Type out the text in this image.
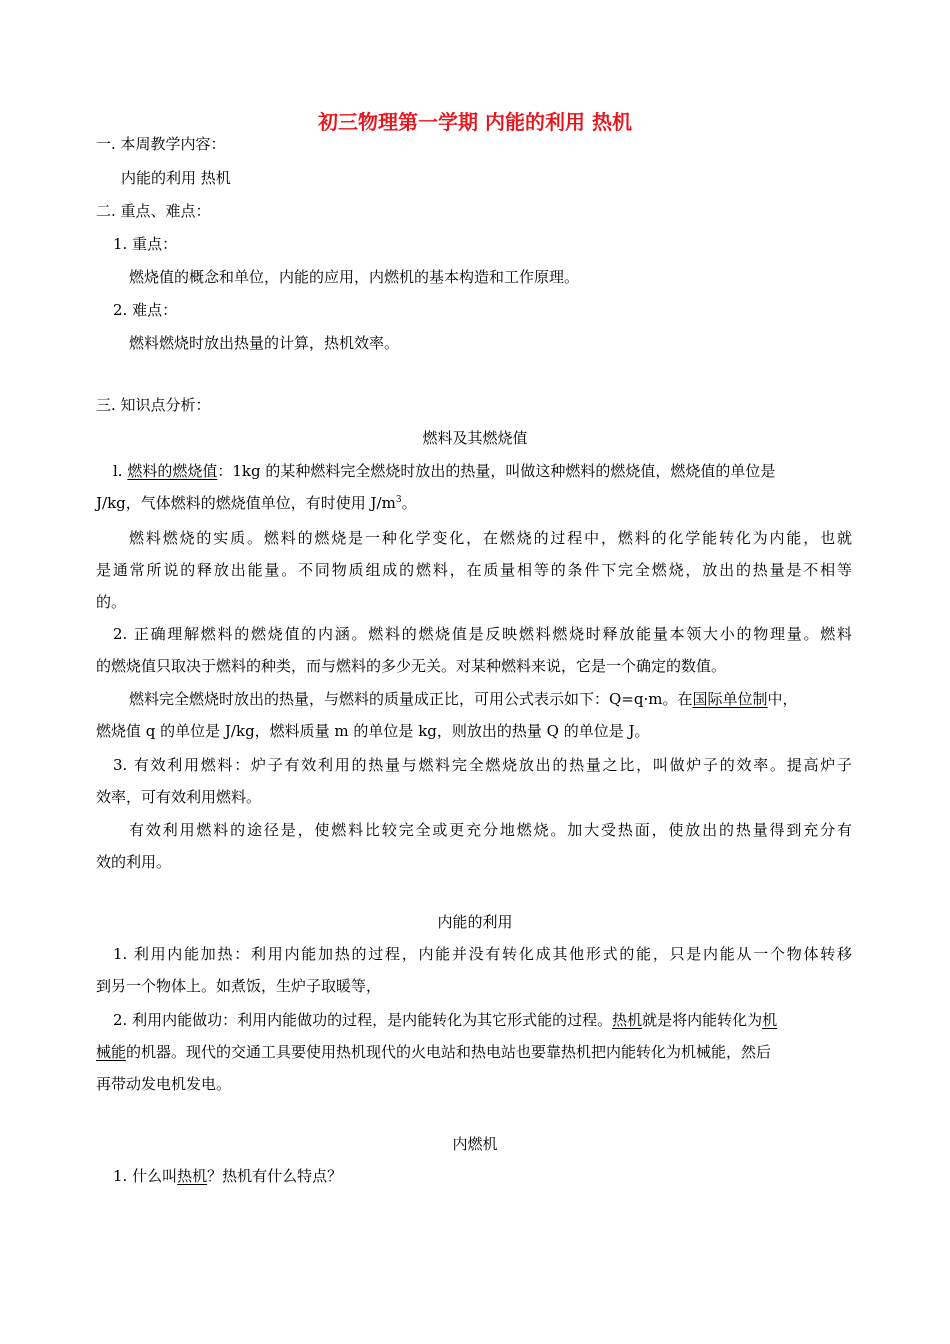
初三物理第一学期 内能的利用 热机
一. 本周教学内容：
内能的利用 热机
二. 重点、难点：
1. 重点：
燃烧值的概念和单位，内能的应用，内燃机的基本构造和工作原理。
2. 难点：
燃料燃烧时放出热量的计算，热机效率。
三. 知识点分析：
燃料及其燃烧值
l. 燃料的燃烧值：1kg 的某种燃料完全燃烧时放出的热量，叫做这种燃料的燃烧值，燃烧值的单位是
J/kg，气体燃料的燃烧值单位，有时使用 $J/m^3$。
燃料燃烧的实质。燃料的燃烧是一种化学变化，在燃烧的过程中，燃料的化学能转化为内能，也就
是通常所说的释放出能量。不同物质组成的燃料，在质量相等的条件下完全燃烧，放出的热量是不相等
的。
2. 正确理解燃料的燃烧值的内涵。燃料的燃烧值是反映燃料燃烧时释放能量本领大小的物理量。燃料
的燃烧值只取决于燃料的种类，而与燃料的多少无关。对某种燃料来说，它是一个确定的数值。
燃料完全燃烧时放出的热量，与燃料的质量成正比，可用公式表示如下：Q=q·m。在国际单位制中，
燃烧值 q 的单位是 J/kg，燃料质量 m 的单位是 kg，则放出的热量 Q 的单位是 J。
3. 有效利用燃料：炉子有效利用的热量与燃料完全燃烧放出的热量之比，叫做炉子的效率。提高炉子
效率，可有效利用燃料。
有效利用燃料的途径是，使燃料比较完全或更充分地燃烧。加大受热面，使放出的热量得到充分有
效的利用。
内能的利用
1. 利用内能加热：利用内能加热的过程，内能并没有转化成其他形式的能，只是内能从一个物体转移
到另一个物体上。如煮饭，生炉子取暖等，
2. 利用内能做功：利用内能做功的过程，是内能转化为其它形式能的过程。热机就是将内能转化为机
械能的机器。现代的交通工具要使用热机现代的火电站和热电站也要靠热机把内能转化为机械能，然后
再带动发电机发电。
内燃机
1. 什么叫热机？热机有什么特点？
